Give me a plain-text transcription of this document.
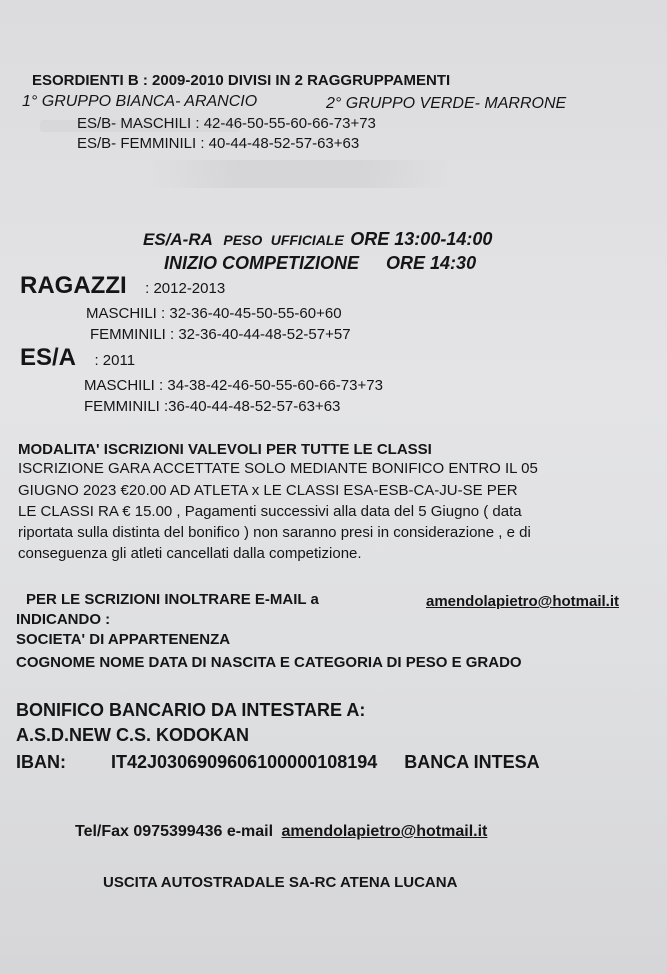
ESORDIENTI B : 2009-2010 DIVISI IN 2 RAGGRUPPAMENTI
1° GRUPPO BIANCA- ARANCIO	2° GRUPPO VERDE- MARRONE
ES/B- MASCHILI : 42-46-50-55-60-66-73+73
ES/B- FEMMINILI : 40-44-48-52-57-63+63
ES/A-RA PESO UFFICIALE ORE 13:00-14:00
INIZIO COMPETIZIONE ORE 14:30
RAGAZZI : 2012-2013
MASCHILI : 32-36-40-45-50-55-60+60
FEMMINILI : 32-36-40-44-48-52-57+57
ES/A : 2011
MASCHILI : 34-38-42-46-50-55-60-66-73+73
FEMMINILI :36-40-44-48-52-57-63+63
MODALITA' ISCRIZIONI VALEVOLI PER TUTTE LE CLASSI
ISCRIZIONE GARA ACCETTATE SOLO MEDIANTE BONIFICO ENTRO IL 05
GIUGNO 2023 €20.00 AD ATLETA x LE CLASSI ESA-ESB-CA-JU-SE PER
LE CLASSI RA € 15.00 , Pagamenti successivi alla data del 5 Giugno ( data
riportata sulla distinta del bonifico ) non saranno presi in considerazione , e di
conseguenza gli atleti cancellati dalla competizione.
PER LE SCRIZIONI INOLTRARE E-MAIL a	amendolapietro@hotmail.it
INDICANDO :
SOCIETA' DI APPARTENENZA
COGNOME NOME DATA DI NASCITA E CATEGORIA DI PESO E GRADO
BONIFICO BANCARIO DA INTESTARE A:
A.S.D.NEW C.S. KODOKAN
IBAN:	IT42J0306909606100000108194 BANCA INTESA
Tel/Fax 0975399436 e-mail amendolapietro@hotmail.it
USCITA AUTOSTRADALE SA-RC ATENA LUCANA
